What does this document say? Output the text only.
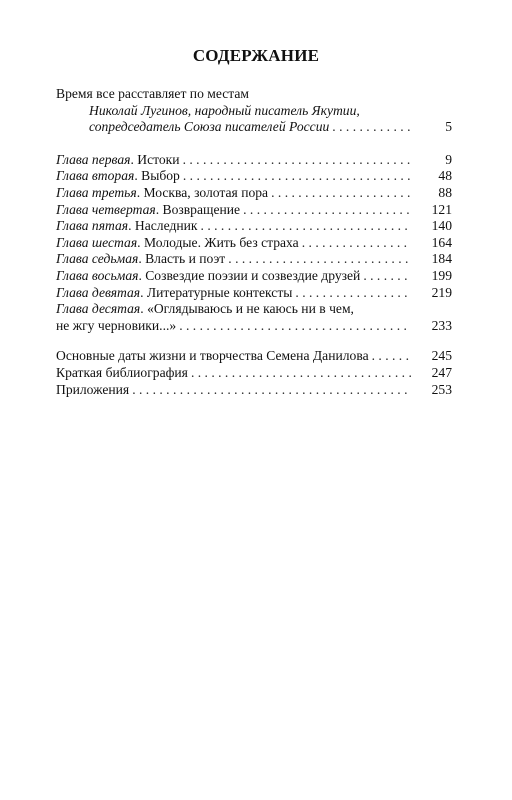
СОДЕРЖАНИЕ
Время все расставляет по местам
Николай Лугинов, народный писатель Якутии,
сопредседатель Союза писателей России . . .	5
Глава первая. Истоки . . .	9
Глава вторая. Выбор . . .	48
Глава третья. Москва, золотая пора . . .	88
Глава четвертая. Возвращение . . .	121
Глава пятая. Наследник . . .	140
Глава шестая. Молодые. Жить без страха . . .	164
Глава седьмая. Власть и поэт . . .	184
Глава восьмая. Созвездие поэзии и созвездие друзей . . .	199
Глава девятая. Литературные контексты . . .	219
Глава десятая. «Оглядываюсь и не каюсь ни в чем,
не жгу черновики...» . . .	233
Основные даты жизни и творчества Семена Данилова . . .	245
Краткая библиография . . .	247
Приложения . . .	253
